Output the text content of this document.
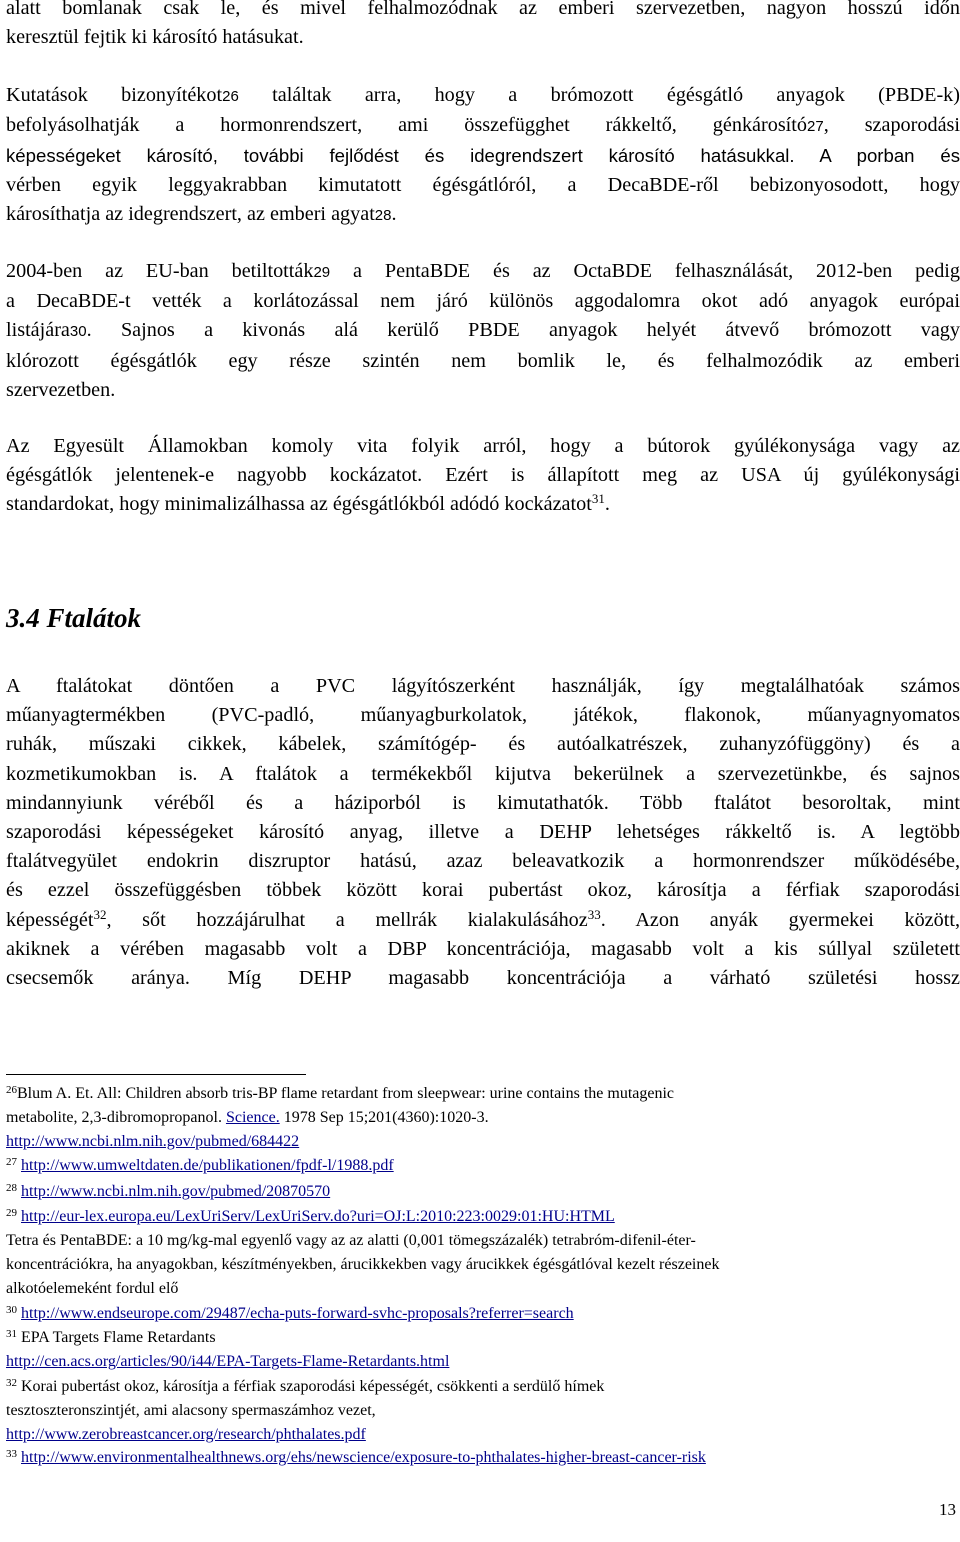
alatt bomlanak csak le, és mivel felhalmozódnak az emberi szervezetben, nagyon hosszú időn
keresztül fejtik ki károsító hatásukat.
Kutatások bizonyítékot26 találtak arra, hogy a brómozott égésgátló anyagok (PBDE-k)
befolyásolhatják a hormonrendszert, ami összefügghet rákkeltő, génkárosító27, szaporodási
képességeket károsító, további fejlődést és idegrendszert károsító hatásukkal. A porban és
vérben egyik leggyakrabban kimutatott égésgátlóról, a DecaBDE-ről bebizonyosodott, hogy
károsíthatja az idegrendszert, az emberi agyat28.
2004-ben az EU-ban betiltották29 a PentaBDE és az OctaBDE felhasználását, 2012-ben pedig
a DecaBDE-t vették a korlátozással nem járó különös aggodalomra okot adó anyagok európai
listájára30. Sajnos a kivonás alá kerülő PBDE anyagok helyét átvevő brómozott vagy
klórozott égésgátlók egy része szintén nem bomlik le, és felhalmozódik az emberi
szervezetben.
Az Egyesült Államokban komoly vita folyik arról, hogy a bútorok gyúlékonysága vagy az
égésgátlók jelentenek-e nagyobb kockázatot. Ezért is állapított meg az USA új gyúlékonysági
standardokat, hogy minimalizálhassa az égésgátlókból adódó kockázatot$^{31}$.
3.4 Ftalátok
A ftalátokat döntően a PVC lágyítószerként használják, így megtalálhatóak számos
műanyagtermékben (PVC-padló, műanyagburkolatok, játékok, flakonok, műanyagnyomatos
ruhák, műszaki cikkek, kábelek, számítógép- és autóalkatrészek, zuhanyzófüggöny) és a
kozmetikumokban is. A ftalátok a termékekből kijutva bekerülnek a szervezetünkbe, és sajnos
mindannyiunk véréből és a háziporból is kimutathatók. Több ftalátot besoroltak, mint
szaporodási képességeket károsító anyag, illetve a DEHP lehetséges rákkeltő is. A legtöbb
ftalátvegyület endokrin diszruptor hatású, azaz beleavatkozik a hormonrendszer működésébe,
és ezzel összefüggésben többek között korai pubertást okoz, károsítja a férfiak szaporodási
képességét$^{32}$, sőt hozzájárulhat a mellrák kialakulásához$^{33}$. Azon anyák gyermekei között,
akiknek a vérében magasabb volt a DBP koncentrációja, magasabb volt a kis súllyal született
csecsemők aránya. Míg DEHP magasabb koncentrációja a várható születési hossz
$^{26}$Blum A. Et. All: Children absorb tris-BP flame retardant from sleepwear: urine contains the mutagenic
metabolite, 2,3-dibromopropanol. Science. 1978 Sep 15;201(4360):1020-3.
http://www.ncbi.nlm.nih.gov/pubmed/684422
$^{27}$ http://www.umweltdaten.de/publikationen/fpdf-l/1988.pdf
$^{28}$ http://www.ncbi.nlm.nih.gov/pubmed/20870570
$^{29}$ http://eur-lex.europa.eu/LexUriServ/LexUriServ.do?uri=OJ:L:2010:223:0029:01:HU:HTML
Tetra és PentaBDE: a 10 mg/kg-mal egyenlő vagy az az alatti (0,001 tömegszázalék) tetrabróm-difenil-éter-
koncentrációkra, ha anyagokban, készítményekben, árucikkekben vagy árucikkek égésgátlóval kezelt részeinek
alkotóelemeként fordul elő
$^{30}$ http://www.endseurope.com/29487/echa-puts-forward-svhc-proposals?referrer=search
$^{31}$ EPA Targets Flame Retardants
http://cen.acs.org/articles/90/i44/EPA-Targets-Flame-Retardants.html
$^{32}$ Korai pubertást okoz, károsítja a férfiak szaporodási képességét, csökkenti a serdülő hímek
tesztoszteronszintjét, ami alacsony spermaszámhoz vezet,
http://www.zerobreastcancer.org/research/phthalates.pdf
$^{33}$ http://www.environmentalhealthnews.org/ehs/newscience/exposure-to-phthalates-higher-breast-cancer-risk
13
